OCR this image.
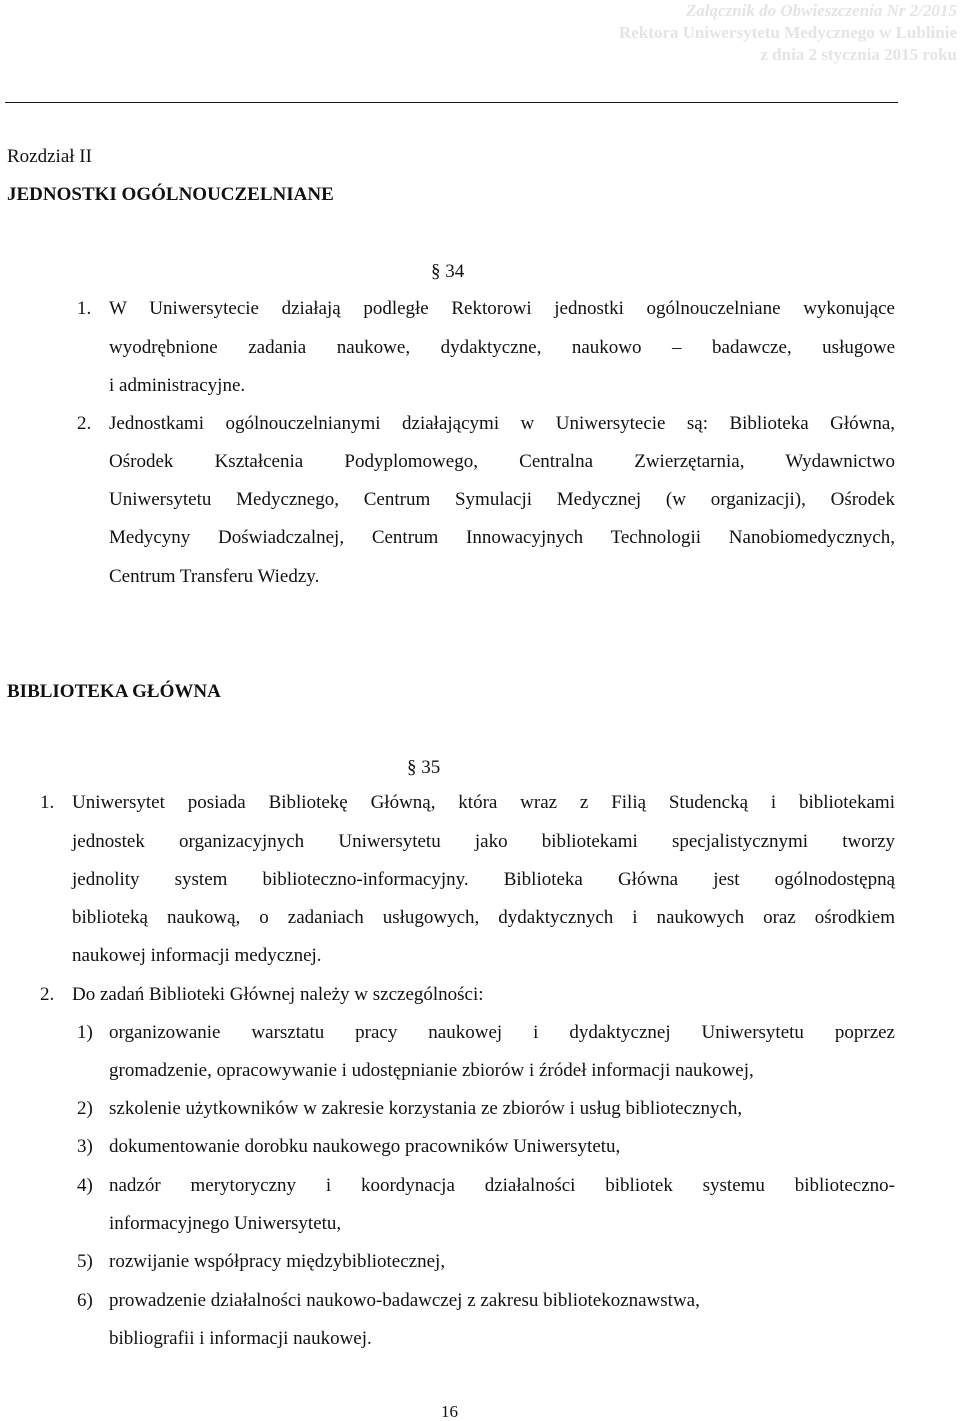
Załącznik do Obwieszczenia Nr 2/2015
Rektora Uniwersytetu Medycznego w Lublinie
z dnia 2 stycznia 2015 roku
Rozdział II
JEDNOSTKI OGÓLNOUCZELNIANE
§ 34
1. W Uniwersytecie działają podległe Rektorowi jednostki ogólnouczelniane wykonujące
wyodrębnione zadania naukowe, dydaktyczne, naukowo – badawcze, usługowe
i administracyjne.
2. Jednostkami ogólnouczelnianymi działającymi w Uniwersytecie są: Biblioteka Główna,
Ośrodek Kształcenia Podyplomowego, Centralna Zwierzętarnia, Wydawnictwo
Uniwersytetu Medycznego, Centrum Symulacji Medycznej (w organizacji), Ośrodek
Medycyny Doświadczalnej, Centrum Innowacyjnych Technologii Nanobiomedycznych,
Centrum Transferu Wiedzy.
BIBLIOTEKA GŁÓWNA
§ 35
1. Uniwersytet posiada Bibliotekę Główną, która wraz z Filią Studencką i bibliotekami
jednostek organizacyjnych Uniwersytetu jako bibliotekami specjalistycznymi tworzy
jednolity system biblioteczno-informacyjny. Biblioteka Główna jest ogólnodostępną
biblioteką naukową, o zadaniach usługowych, dydaktycznych i naukowych oraz ośrodkiem
naukowej informacji medycznej.
2. Do zadań Biblioteki Głównej należy w szczególności:
1) organizowanie warsztatu pracy naukowej i dydaktycznej Uniwersytetu poprzez
gromadzenie, opracowywanie i udostępnianie zbiorów i źródeł informacji naukowej,
2) szkolenie użytkowników w zakresie korzystania ze zbiorów i usług bibliotecznych,
3) dokumentowanie dorobku naukowego pracowników Uniwersytetu,
4) nadzór merytoryczny i koordynacja działalności bibliotek systemu biblioteczno-
informacyjnego Uniwersytetu,
5) rozwijanie współpracy międzybibliotecznej,
6) prowadzenie działalności naukowo-badawczej z zakresu bibliotekoznawstwa,
bibliografii i informacji naukowej.
16
